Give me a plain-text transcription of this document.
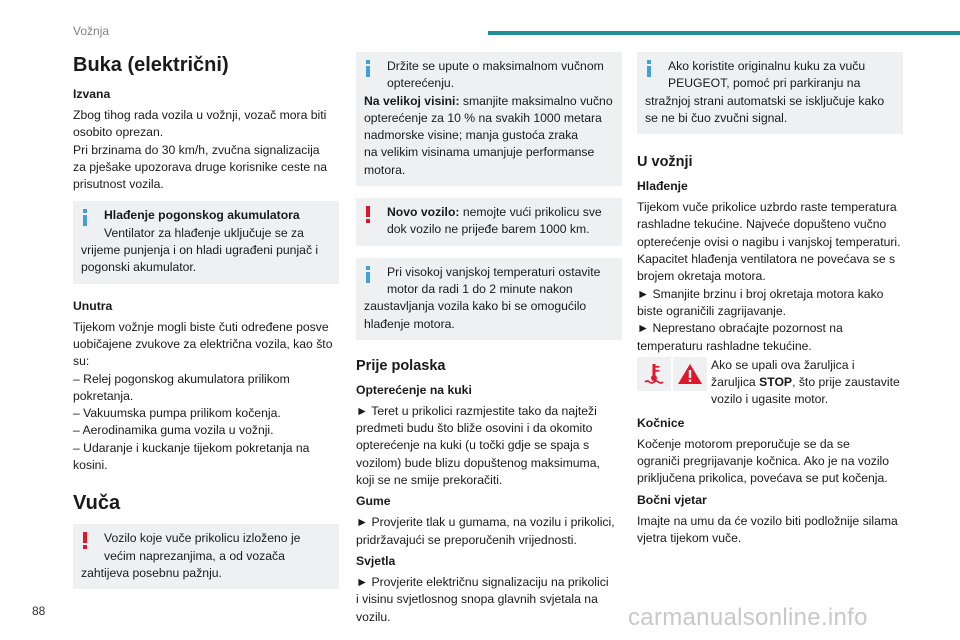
Vožnja
Buka (električni)
Izvana
Zbog tihog rada vozila u vožnji, vozač mora biti
osobito oprezan.
Pri brzinama do 30 km/h, zvučna signalizacija
za pješake upozorava druge korisnike ceste na
prisutnost vozila.
Hlađenje pogonskog akumulatora
Ventilator za hlađenje uključuje se za
vrijeme punjenja i on hladi ugrađeni punjač i
pogonski akumulator.
Unutra
Tijekom vožnje mogli biste čuti određene posve
uobičajene zvukove za električna vozila, kao što
su:
– Relej pogonskog akumulatora prilikom
pokretanja.
– Vakuumska pumpa prilikom kočenja.
– Aerodinamika guma vozila u vožnji.
– Udaranje i kuckanje tijekom pokretanja na
kosini.
Vuča
Vozilo koje vuče prikolicu izloženo je
većim naprezanjima, a od vozača
zahtijeva posebnu pažnju.
Držite se upute o maksimalnom vučnom
opterećenju.
Na velikoj visini: smanjite maksimalno vučno
opterećenje za 10 % na svakih 1000 metara
nadmorske visine; manja gustoća zraka
na velikim visinama umanjuje performanse
motora.
Novo vozilo: nemojte vući prikolicu sve
dok vozilo ne prijeđe barem 1000 km.
Pri visokoj vanjskoj temperaturi ostavite
motor da radi 1 do 2 minute nakon
zaustavljanja vozila kako bi se omogućilo
hlađenje motora.
Prije polaska
Opterećenje na kuki
► Teret u prikolici razmjestite tako da najteži
predmeti budu što bliže osovini i da okomito
opterećenje na kuki (u točki gdje se spaja s
vozilom) bude blizu dopuštenog maksimuma,
koji se ne smije prekoračiti.
Gume
► Provjerite tlak u gumama, na vozilu i prikolici,
pridržavajući se preporučenih vrijednosti.
Svjetla
► Provjerite električnu signalizaciju na prikolici
i visinu svjetlosnog snopa glavnih svjetala na
vozilu.
Ako koristite originalnu kuku za vuču
PEUGEOT, pomoć pri parkiranju na
stražnjoj strani automatski se isključuje kako
se ne bi čuo zvučni signal.
U vožnji
Hlađenje
Tijekom vuče prikolice uzbrdo raste temperatura
rashladne tekućine. Najveće dopušteno vučno
opterećenje ovisi o nagibu i vanjskoj temperaturi.
Kapacitet hlađenja ventilatora ne povećava se s
brojem okretaja motora.
► Smanjite brzinu i broj okretaja motora kako
biste ograničili zagrijavanje.
► Neprestano obraćajte pozornost na
temperaturu rashladne tekućine.
Ako se upali ova žaruljica i
žaruljica STOP, što prije zaustavite
vozilo i ugasite motor.
Kočnice
Kočenje motorom preporučuje se da se
ograniči pregrijavanje kočnica. Ako je na vozilo
priključena prikolica, povećava se put kočenja.
Bočni vjetar
Imajte na umu da će vozilo biti podložnije silama
vjetra tijekom vuče.
88	carmanualsonline.info
